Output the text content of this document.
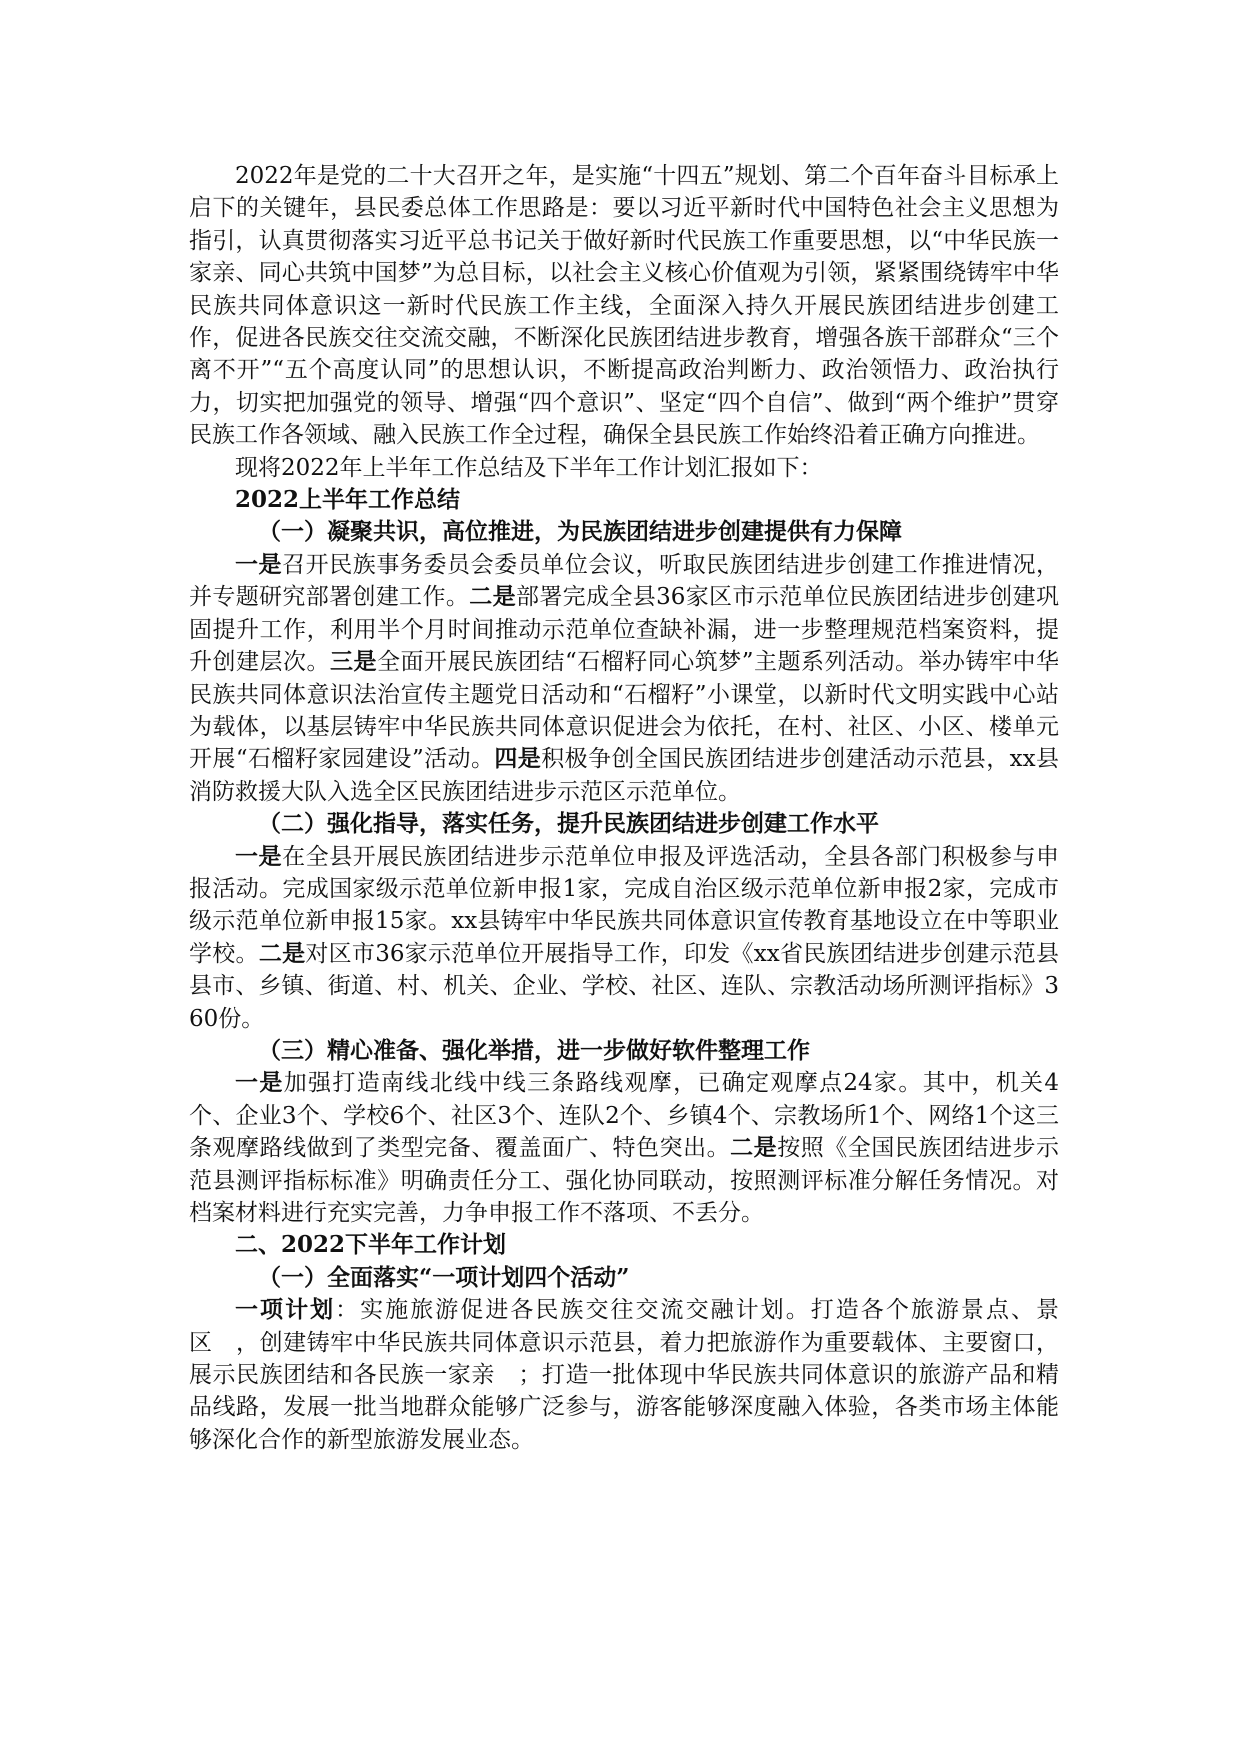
2022年是党的二十大召开之年，是实施“十四五”规划、第二个百年奋斗目标承上启下的关键年，县民委总体工作思路是：要以习近平新时代中国特色社会主义思想为指引，认真贯彻落实习近平总书记关于做好新时代民族工作重要思想，以“中华民族一家亲、同心共筑中国梦”为总目标，以社会主义核心价值观为引领，紧紧围绕铸牢中华民族共同体意识这一新时代民族工作主线，全面深入持久开展民族团结进步创建工作，促进各民族交往交流交融，不断深化民族团结进步教育，增强各族干部群众“三个离不开”“五个高度认同”的思想认识，不断提高政治判断力、政治领悟力、政治执行力，切实把加强党的领导、增强“四个意识”、坚定“四个自信”、做到“两个维护”贯穿民族工作各领域、融入民族工作全过程，确保全县民族工作始终沿着正确方向推进。

现将2022年上半年工作总结及下半年工作计划汇报如下：

2022上半年工作总结

（一）凝聚共识，高位推进，为民族团结进步创建提供有力保障

一是召开民族事务委员会委员单位会议，听取民族团结进步创建工作推进情况，并专题研究部署创建工作。二是部署完成全县36家区市示范单位民族团结进步创建巩固提升工作，利用半个月时间推动示范单位查缺补漏，进一步整理规范档案资料，提升创建层次。三是全面开展民族团结“石榴籽同心筑梦”主题系列活动。举办铸牢中华民族共同体意识法治宣传主题党日活动和“石榴籽”小课堂，以新时代文明实践中心站为载体，以基层铸牢中华民族共同体意识促进会为依托，在村、社区、小区、楼单元开展“石榴籽家园建设”活动。四是积极争创全国民族团结进步创建活动示范县，xx县消防救援大队入选全区民族团结进步示范区示范单位。

（二）强化指导，落实任务，提升民族团结进步创建工作水平

一是在全县开展民族团结进步示范单位申报及评选活动，全县各部门积极参与申报活动。完成国家级示范单位新申报1家，完成自治区级示范单位新申报2家，完成市级示范单位新申报15家。xx县铸牢中华民族共同体意识宣传教育基地设立在中等职业学校。二是对区市36家示范单位开展指导工作，印发《xx省民族团结进步创建示范县县市、乡镇、街道、村、机关、企业、学校、社区、连队、宗教活动场所测评指标》360份。

（三）精心准备、强化举措，进一步做好软件整理工作

一是加强打造南线北线中线三条路线观摩，已确定观摩点24家。其中，机关4个、企业3个、学校6个、社区3个、连队2个、乡镇4个、宗教场所1个、网络1个这三条观摩路线做到了类型完备、覆盖面广、特色突出。二是按照《全国民族团结进步示范县测评指标标准》明确责任分工、强化协同联动，按照测评标准分解任务情况。对档案材料进行充实完善，力争申报工作不落项、不丢分。

二、2022下半年工作计划

（一）全面落实“一项计划四个活动”

一项计划：实施旅游促进各民族交往交流交融计划。打造各个旅游景点、景区　，创建铸牢中华民族共同体意识示范县，着力把旅游作为重要载体、主要窗口，展示民族团结和各民族一家亲　；打造一批体现中华民族共同体意识的旅游产品和精品线路，发展一批当地群众能够广泛参与，游客能够深度融入体验，各类市场主体能够深化合作的新型旅游发展业态。
